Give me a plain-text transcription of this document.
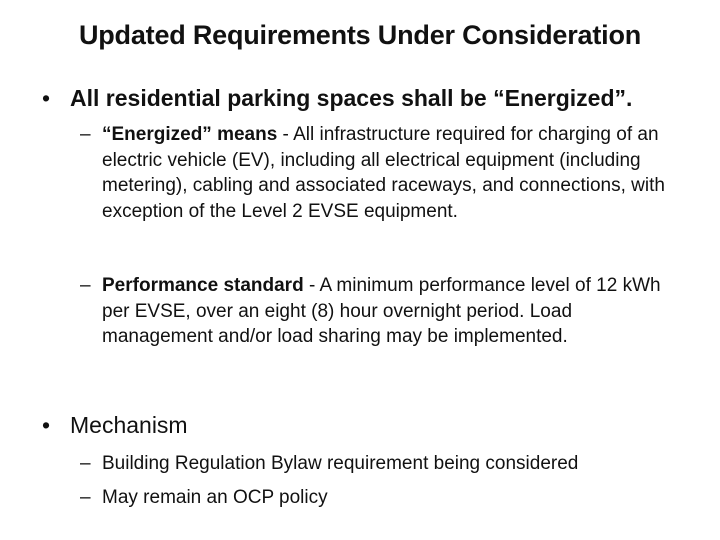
Updated Requirements Under Consideration
• All residential parking spaces shall be “Energized”.
– “Energized” means - All infrastructure required for charging of an electric vehicle (EV), including all electrical equipment (including metering), cabling and associated raceways, and connections, with exception of the Level 2 EVSE equipment.
– Performance standard - A minimum performance level of 12 kWh per EVSE, over an eight (8) hour overnight period. Load management and/or load sharing may be implemented.
• Mechanism
– Building Regulation Bylaw requirement being considered
– May remain an OCP policy
